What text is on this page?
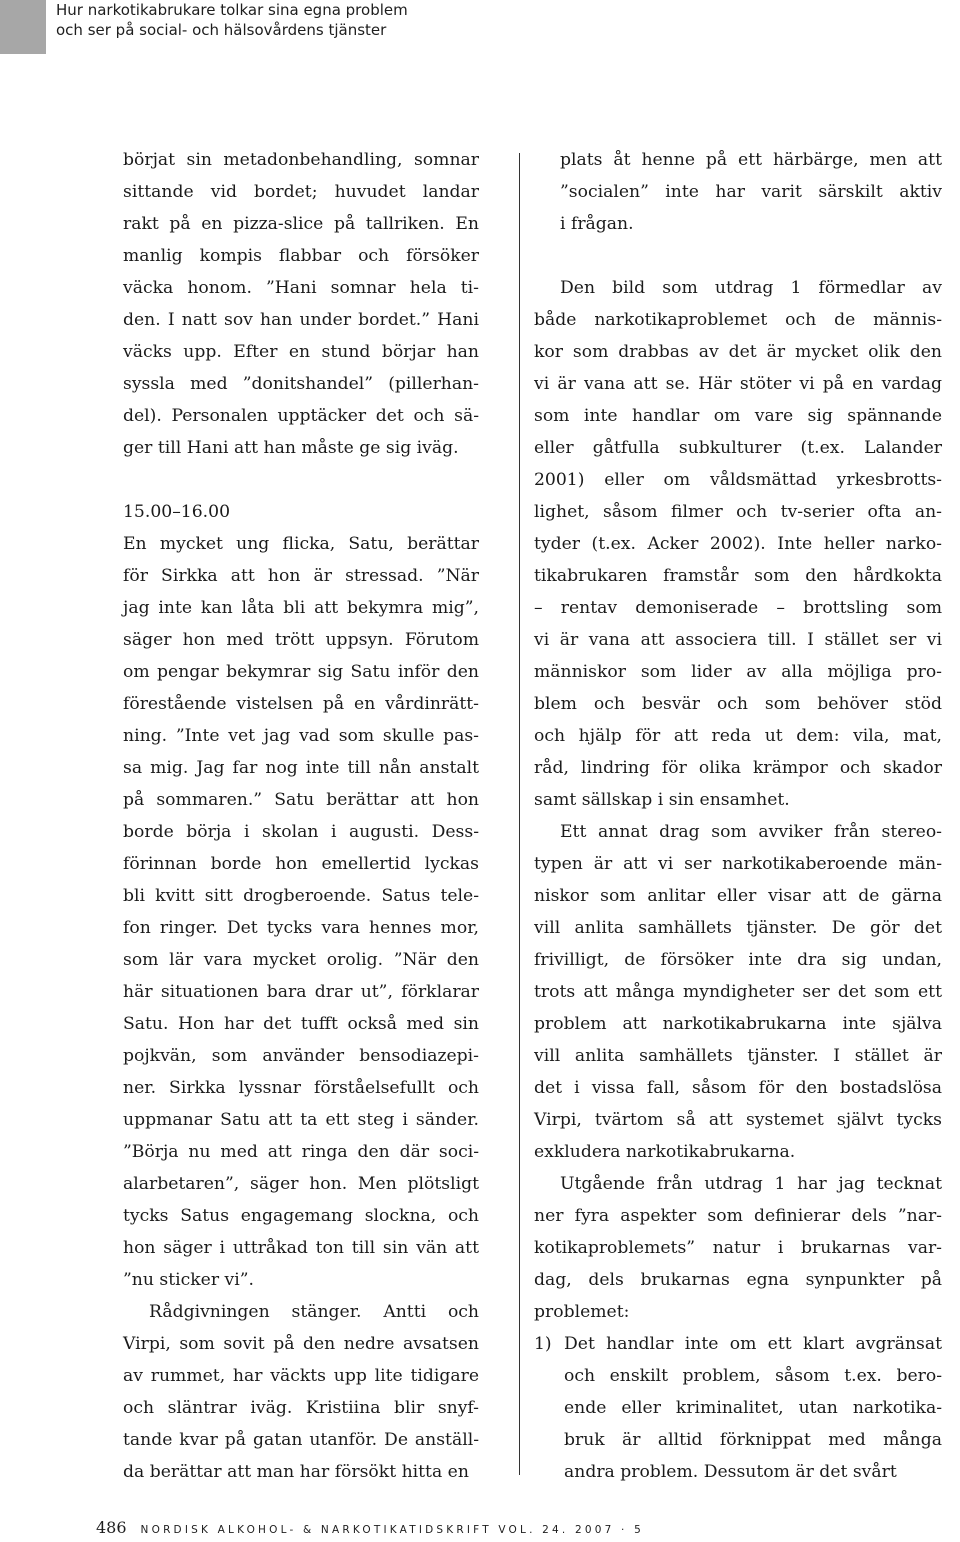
Hur narkotikabrukare tolkar sina egna problem
och ser på social- och hälsovårdens tjänster

börjat sin metadonbehandling, somnar
sittande vid bordet; huvudet landar
rakt på en pizza-slice på tallriken. En
manlig kompis flabbar och försöker
väcka honom. ”Hani somnar hela ti-
den. I natt sov han under bordet.” Hani
väcks upp. Efter en stund börjar han
syssla med ”donitshandel” (pillerhan-
del). Personalen upptäcker det och sä-
ger till Hani att han måste ge sig iväg.

15.00–16.00

En mycket ung flicka, Satu, berättar
för Sirkka att hon är stressad. ”När
jag inte kan låta bli att bekymra mig”,
säger hon med trött uppsyn. Förutom
om pengar bekymrar sig Satu inför den
förestående vistelsen på en vårdinrätt-
ning. ”Inte vet jag vad som skulle pas-
sa mig. Jag far nog inte till nån anstalt
på sommaren.” Satu berättar att hon
borde börja i skolan i augusti. Dess-
förinnan borde hon emellertid lyckas
bli kvitt sitt drogberoende. Satus tele-
fon ringer. Det tycks vara hennes mor,
som lär vara mycket orolig. ”När den
här situationen bara drar ut”, förklarar
Satu. Hon har det tufft också med sin
pojkvän, som använder bensodiazepi-
ner. Sirkka lyssnar förståelsefullt och
uppmanar Satu att ta ett steg i sänder.
”Börja nu med att ringa den där soci-
alarbetaren”, säger hon. Men plötsligt
tycks Satus engagemang slockna, och
hon säger i uttråkad ton till sin vän att
”nu sticker vi”.

Rådgivningen stänger. Antti och
Virpi, som sovit på den nedre avsatsen
av rummet, har väckts upp lite tidigare
och släntrar iväg. Kristiina blir snyf-
tande kvar på gatan utanför. De anställ-
da berättar att man har försökt hitta en

plats åt henne på ett härbärge, men att
”socialen” inte har varit särskilt aktiv
i frågan.

Den bild som utdrag 1 förmedlar av
både narkotikaproblemet och de männis-
kor som drabbas av det är mycket olik den
vi är vana att se. Här stöter vi på en vardag
som inte handlar om vare sig spännande
eller gåtfulla subkulturer (t.ex. Lalander
2001) eller om våldsmättad yrkesbrotts-
lighet, såsom filmer och tv-serier ofta an-
tyder (t.ex. Acker 2002). Inte heller narko-
tikabrukaren framstår som den hårdkokta
– rentav demoniserade – brottsling som
vi är vana att associera till. I stället ser vi
människor som lider av alla möjliga pro-
blem och besvär och som behöver stöd
och hjälp för att reda ut dem: vila, mat,
råd, lindring för olika krämpor och skador
samt sällskap i sin ensamhet.

Ett annat drag som avviker från stereo-
typen är att vi ser narkotikaberoende män-
niskor som anlitar eller visar att de gärna
vill anlita samhällets tjänster. De gör det
frivilligt, de försöker inte dra sig undan,
trots att många myndigheter ser det som ett
problem att narkotikabrukarna inte själva
vill anlita samhällets tjänster. I stället är
det i vissa fall, såsom för den bostadslösa
Virpi, tvärtom så att systemet självt tycks
exkludera narkotikabrukarna.

Utgående från utdrag 1 har jag tecknat
ner fyra aspekter som definierar dels ”nar-
kotikaproblemets” natur i brukarnas var-
dag, dels brukarnas egna synpunkter på
problemet:

1) Det handlar inte om ett klart avgränsat
och enskilt problem, såsom t.ex. bero-
ende eller kriminalitet, utan narkotika-
bruk är alltid förknippat med många
andra problem. Dessutom är det svårt

486 NORDISK ALKOHOL- & NARKOTIKATIDSKRIFT VOL. 24. 2007 · 5
